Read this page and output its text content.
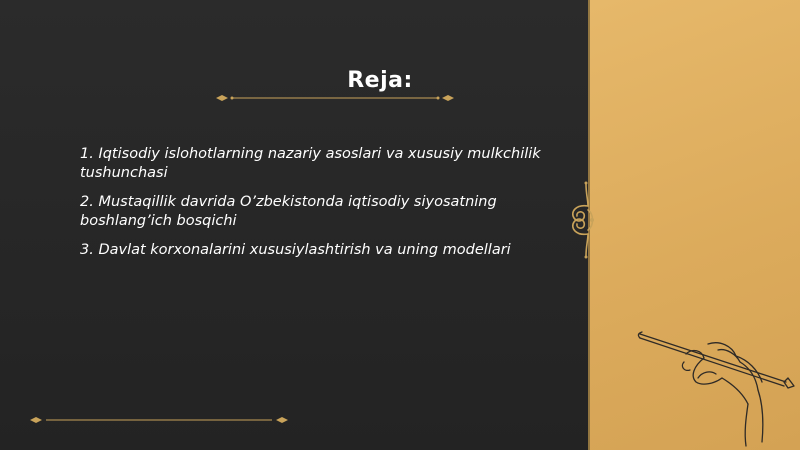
Reja:
1. Iqtisodiy islohotlarning nazariy asoslari va xususiy mulkchilik tushunchasi
2. Mustaqillik davrida O’zbekistonda iqtisodiy siyosatning boshlang’ich bosqichi
3. Davlat korxonalarini xususiylashtirish va uning modellari
